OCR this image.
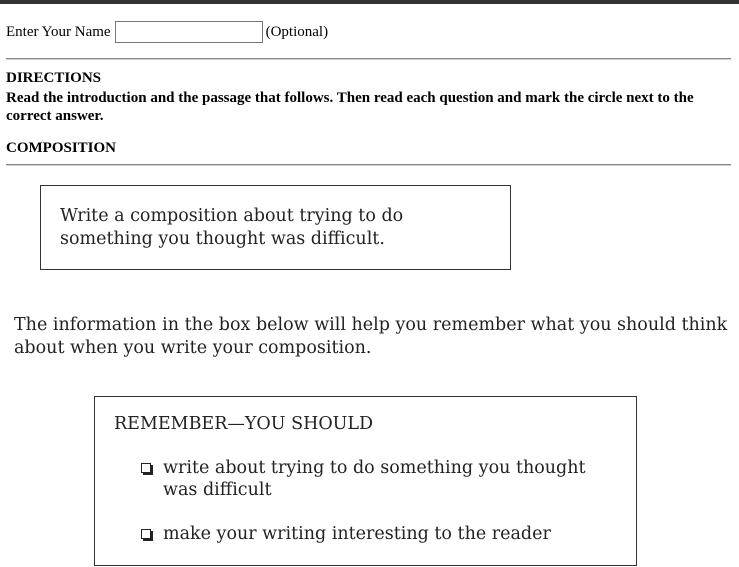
Enter Your Name	(Optional)
DIRECTIONS
Read the introduction and the passage that follows. Then read each question and mark the circle next to the correct answer.
COMPOSITION
Write a composition about trying to do something you thought was difficult.
The information in the box below will help you remember what you should think about when you write your composition.
REMEMBER—YOU SHOULD
write about trying to do something you thought was difficult
make your writing interesting to the reader
